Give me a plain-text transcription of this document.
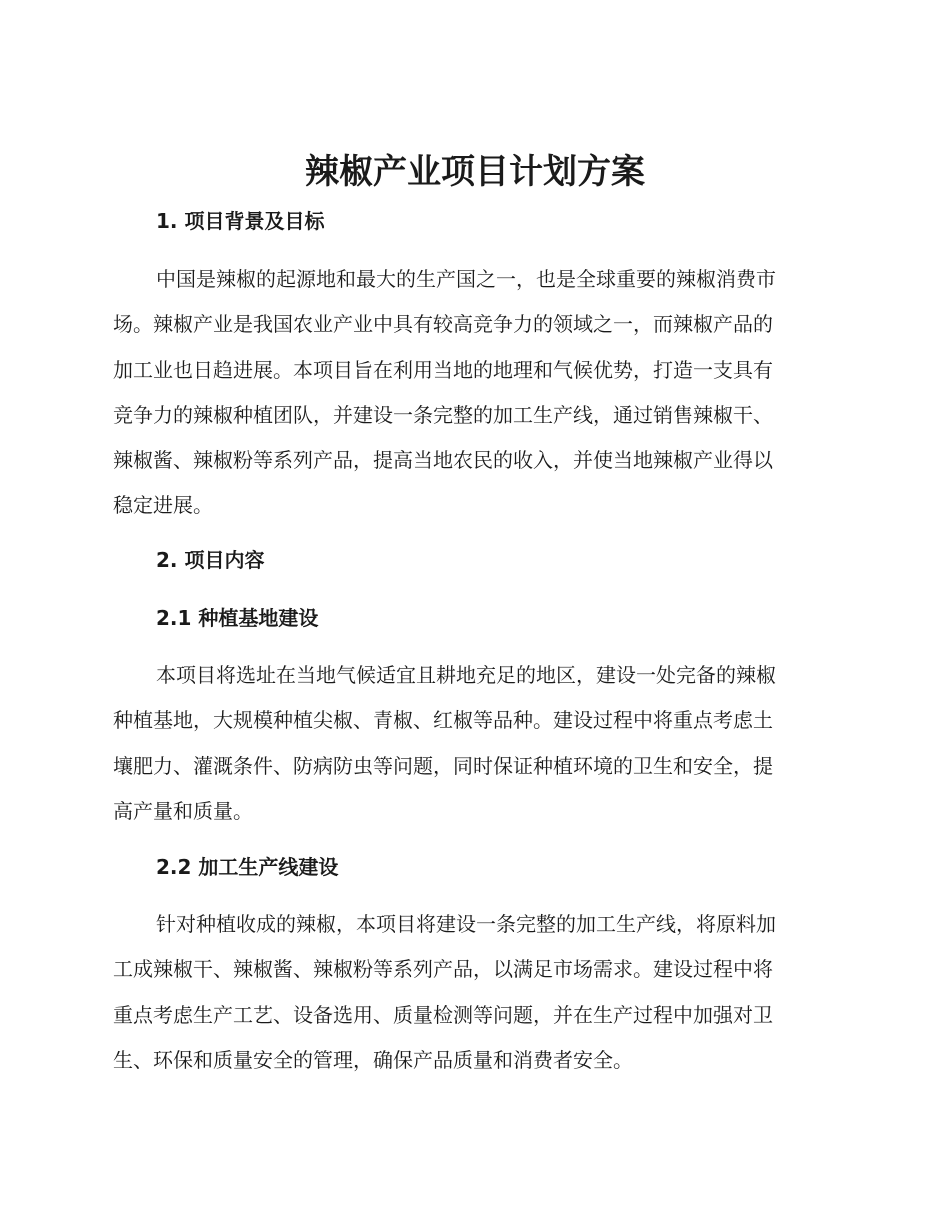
辣椒产业项目计划方案
1. 项目背景及目标

中国是辣椒的起源地和最大的生产国之一，也是全球重要的辣椒消费市
场。辣椒产业是我国农业产业中具有较高竞争力的领域之一，而辣椒产品的
加工业也日趋进展。本项目旨在利用当地的地理和气候优势，打造一支具有
竞争力的辣椒种植团队，并建设一条完整的加工生产线，通过销售辣椒干、
辣椒酱、辣椒粉等系列产品，提高当地农民的收入，并使当地辣椒产业得以
稳定进展。

2. 项目内容
2.1 种植基地建设

本项目将选址在当地气候适宜且耕地充足的地区，建设一处完备的辣椒
种植基地，大规模种植尖椒、青椒、红椒等品种。建设过程中将重点考虑土
壤肥力、灌溉条件、防病防虫等问题，同时保证种植环境的卫生和安全，提
高产量和质量。

2.2 加工生产线建设

针对种植收成的辣椒，本项目将建设一条完整的加工生产线，将原料加
工成辣椒干、辣椒酱、辣椒粉等系列产品，以满足市场需求。建设过程中将
重点考虑生产工艺、设备选用、质量检测等问题，并在生产过程中加强对卫
生、环保和质量安全的管理，确保产品质量和消费者安全。
